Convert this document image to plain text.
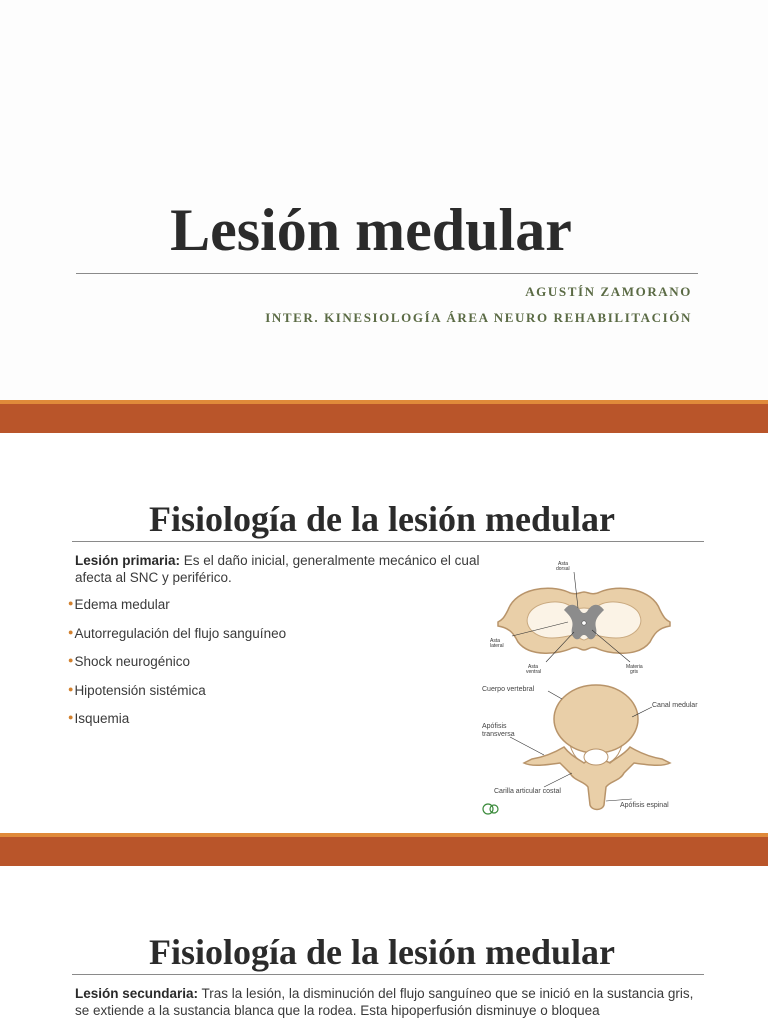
Lesión medular
AGUSTÍN ZAMORANO
INTER. KINESIOLOGÍA ÁREA NEURO REHABILITACIÓN
Fisiología de la lesión medular
Lesión primaria: Es el daño inicial, generalmente mecánico el cual afecta al SNC y periférico.
●Edema medular
●Autorregulación del flujo sanguíneo
●Shock neurogénico
●Hipotensión sistémica
●Isquemia
Asta
dorsal
Asta
lateral
Asta
ventral
Materia
gris
Cuerpo vertebral
Canal medular
Apófisis
transversa
Carilla articular costal
Apófisis espinal
Fisiología de la lesión medular
Lesión secundaria: Tras la lesión, la disminución del flujo sanguíneo que se inició en la sustancia gris, se extiende a la sustancia blanca que la rodea. Esta hipoperfusión disminuye o bloquea
